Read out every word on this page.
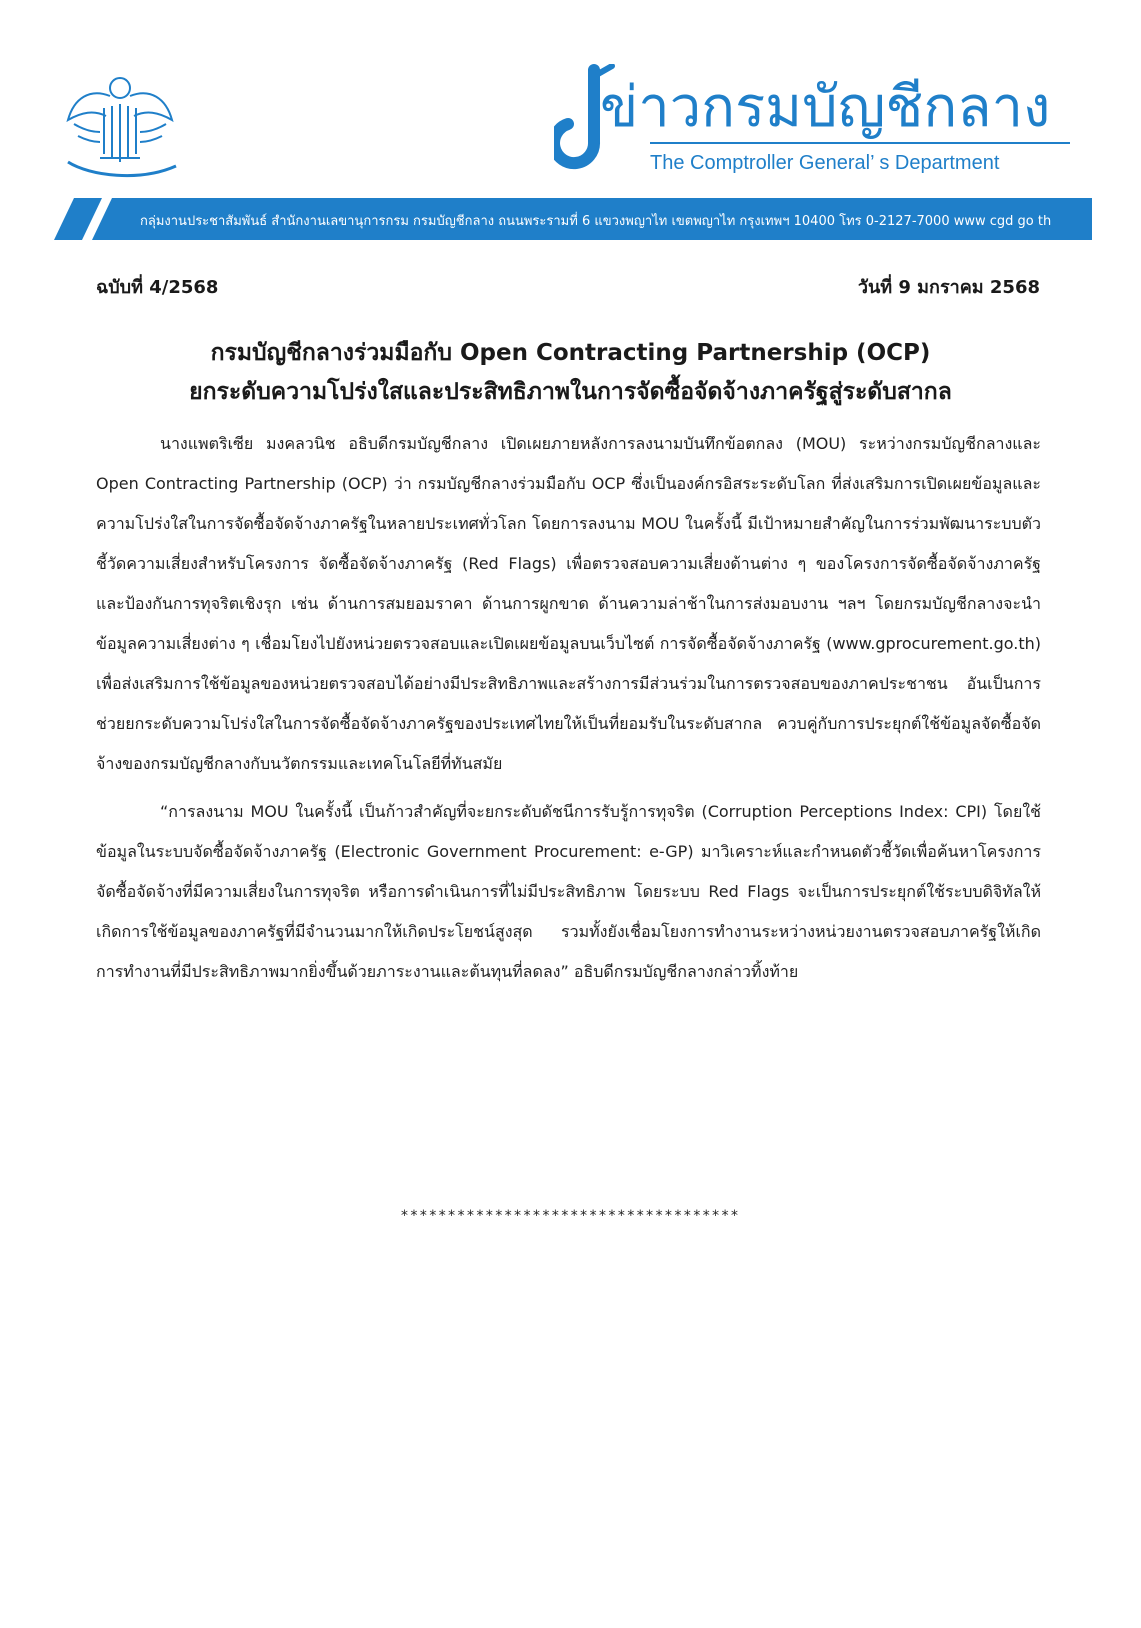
ข่าวกรมบัญชีกลาง
The Comptroller General’ s Department
กลุ่มงานประชาสัมพันธ์ สำนักงานเลขานุการกรม กรมบัญชีกลาง ถนนพระรามที่ 6 แขวงพญาไท เขตพญาไท กรุงเทพฯ 10400 โทร 0-2127-7000 www cgd go th
ฉบับที่ 4/2568	วันที่ 9 มกราคม 2568
กรมบัญชีกลางร่วมมือกับ Open Contracting Partnership (OCP)
ยกระดับความโปร่งใสและประสิทธิภาพในการจัดซื้อจัดจ้างภาครัฐสู่ระดับสากล

นางแพตริเซีย มงคลวนิช อธิบดีกรมบัญชีกลาง เปิดเผยภายหลังการลงนามบันทึกข้อตกลง (MOU) ระหว่างกรมบัญชีกลางและ Open Contracting Partnership (OCP) ว่า กรมบัญชีกลางร่วมมือกับ OCP ซึ่งเป็นองค์กรอิสระระดับโลก ที่ส่งเสริมการเปิดเผยข้อมูลและความโปร่งใสในการจัดซื้อจัดจ้างภาครัฐในหลายประเทศทั่วโลก โดยการลงนาม MOU ในครั้งนี้ มีเป้าหมายสำคัญในการร่วมพัฒนาระบบตัวชี้วัดความเสี่ยงสำหรับโครงการ จัดซื้อจัดจ้างภาครัฐ (Red Flags) เพื่อตรวจสอบความเสี่ยงด้านต่าง ๆ ของโครงการจัดซื้อจัดจ้างภาครัฐและป้องกันการทุจริตเชิงรุก เช่น ด้านการสมยอมราคา ด้านการผูกขาด ด้านความล่าช้าในการส่งมอบงาน ฯลฯ โดยกรมบัญชีกลางจะนำข้อมูลความเสี่ยงต่าง ๆ เชื่อมโยงไปยังหน่วยตรวจสอบและเปิดเผยข้อมูลบนเว็บไซต์ การจัดซื้อจัดจ้างภาครัฐ (www.gprocurement.go.th) เพื่อส่งเสริมการใช้ข้อมูลของหน่วยตรวจสอบได้อย่างมีประสิทธิภาพและสร้างการมีส่วนร่วมในการตรวจสอบของภาคประชาชน อันเป็นการช่วยยกระดับความโปร่งใสในการจัดซื้อจัดจ้างภาครัฐของประเทศไทยให้เป็นที่ยอมรับในระดับสากล ควบคู่กับการประยุกต์ใช้ข้อมูลจัดซื้อจัดจ้างของกรมบัญชีกลางกับนวัตกรรมและเทคโนโลยีที่ทันสมัย

“การลงนาม MOU ในครั้งนี้ เป็นก้าวสำคัญที่จะยกระดับดัชนีการรับรู้การทุจริต (Corruption Perceptions Index: CPI) โดยใช้ข้อมูลในระบบจัดซื้อจัดจ้างภาครัฐ (Electronic Government Procurement: e-GP) มาวิเคราะห์และกำหนดตัวชี้วัดเพื่อค้นหาโครงการจัดซื้อจัดจ้างที่มีความเสี่ยงในการทุจริต หรือการดำเนินการที่ไม่มีประสิทธิภาพ โดยระบบ Red Flags จะเป็นการประยุกต์ใช้ระบบดิจิทัลให้เกิดการใช้ข้อมูลของภาครัฐที่มีจำนวนมากให้เกิดประโยชน์สูงสุด รวมทั้งยังเชื่อมโยงการทำงานระหว่างหน่วยงานตรวจสอบภาครัฐให้เกิดการทำงานที่มีประสิทธิภาพมากยิ่งขึ้นด้วยภาระงานและต้นทุนที่ลดลง” อธิบดีกรมบัญชีกลางกล่าวทิ้งท้าย

************************************
